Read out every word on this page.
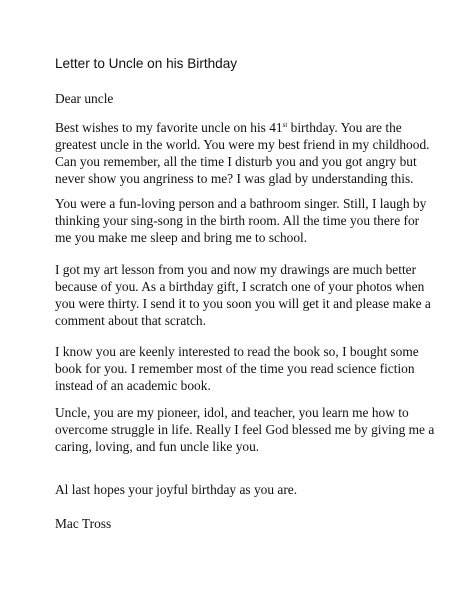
Letter to Uncle on his Birthday
Dear uncle
Best wishes to my favorite uncle on his 41st birthday. You are the
greatest uncle in the world. You were my best friend in my childhood.
Can you remember, all the time I disturb you and you got angry but
never show you angriness to me? I was glad by understanding this.
You were a fun-loving person and a bathroom singer. Still, I laugh by
thinking your sing-song in the birth room. All the time you there for
me you make me sleep and bring me to school.
I got my art lesson from you and now my drawings are much better
because of you. As a birthday gift, I scratch one of your photos when
you were thirty. I send it to you soon you will get it and please make a
comment about that scratch.
I know you are keenly interested to read the book so, I bought some
book for you. I remember most of the time you read science fiction
instead of an academic book.
Uncle, you are my pioneer, idol, and teacher, you learn me how to
overcome struggle in life. Really I feel God blessed me by giving me a
caring, loving, and fun uncle like you.
Al last hopes your joyful birthday as you are.
Mac Tross
